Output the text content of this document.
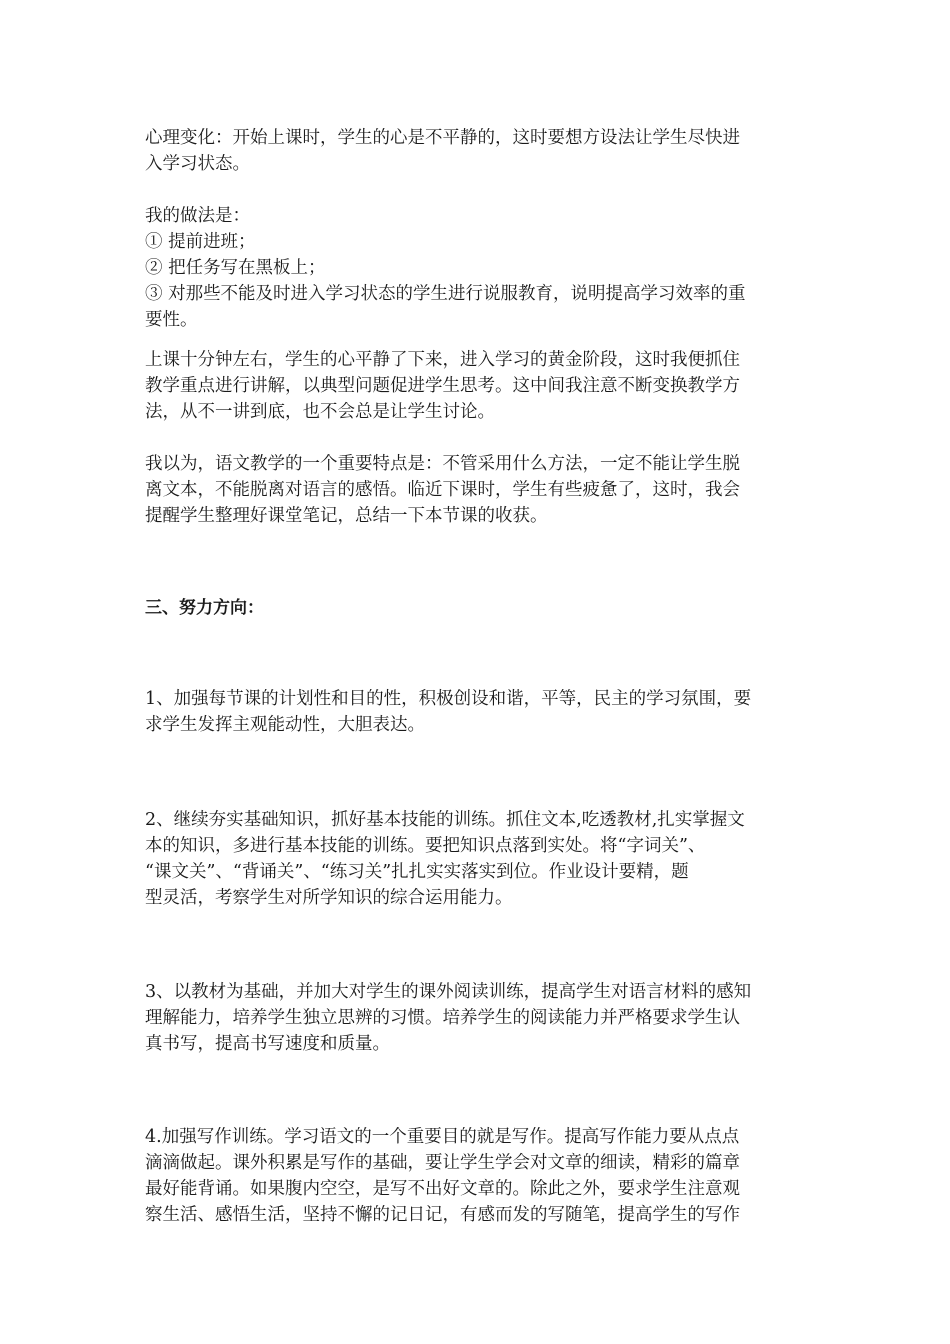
心理变化：开始上课时，学生的心是不平静的，这时要想方设法让学生尽快进
入学习状态。

我的做法是：
① 提前进班；
② 把任务写在黑板上；
③ 对那些不能及时进入学习状态的学生进行说服教育，说明提高学习效率的重
要性。

上课十分钟左右，学生的心平静了下来，进入学习的黄金阶段，这时我便抓住
教学重点进行讲解，以典型问题促进学生思考。这中间我注意不断变换教学方
法，从不一讲到底，也不会总是让学生讨论。

我以为，语文教学的一个重要特点是：不管采用什么方法，一定不能让学生脱
离文本，不能脱离对语言的感悟。临近下课时，学生有些疲惫了，这时，我会
提醒学生整理好课堂笔记，总结一下本节课的收获。

三、努力方向：

1、加强每节课的计划性和目的性，积极创设和谐，平等，民主的学习氛围，要
求学生发挥主观能动性，大胆表达。

2、继续夯实基础知识，抓好基本技能的训练。抓住文本,吃透教材,扎实掌握文
本的知识，多进行基本技能的训练。要把知识点落到实处。将“字词关”、
“课文关”、“背诵关”、“练习关”扎扎实实落实到位。作业设计要精，题
型灵活，考察学生对所学知识的综合运用能力。

3、以教材为基础，并加大对学生的课外阅读训练，提高学生对语言材料的感知
理解能力，培养学生独立思辨的习惯。培养学生的阅读能力并严格要求学生认
真书写，提高书写速度和质量。

4.加强写作训练。学习语文的一个重要目的就是写作。提高写作能力要从点点
滴滴做起。课外积累是写作的基础，要让学生学会对文章的细读，精彩的篇章
最好能背诵。如果腹内空空，是写不出好文章的。除此之外，要求学生注意观
察生活、感悟生活，坚持不懈的记日记，有感而发的写随笔，提高学生的写作
